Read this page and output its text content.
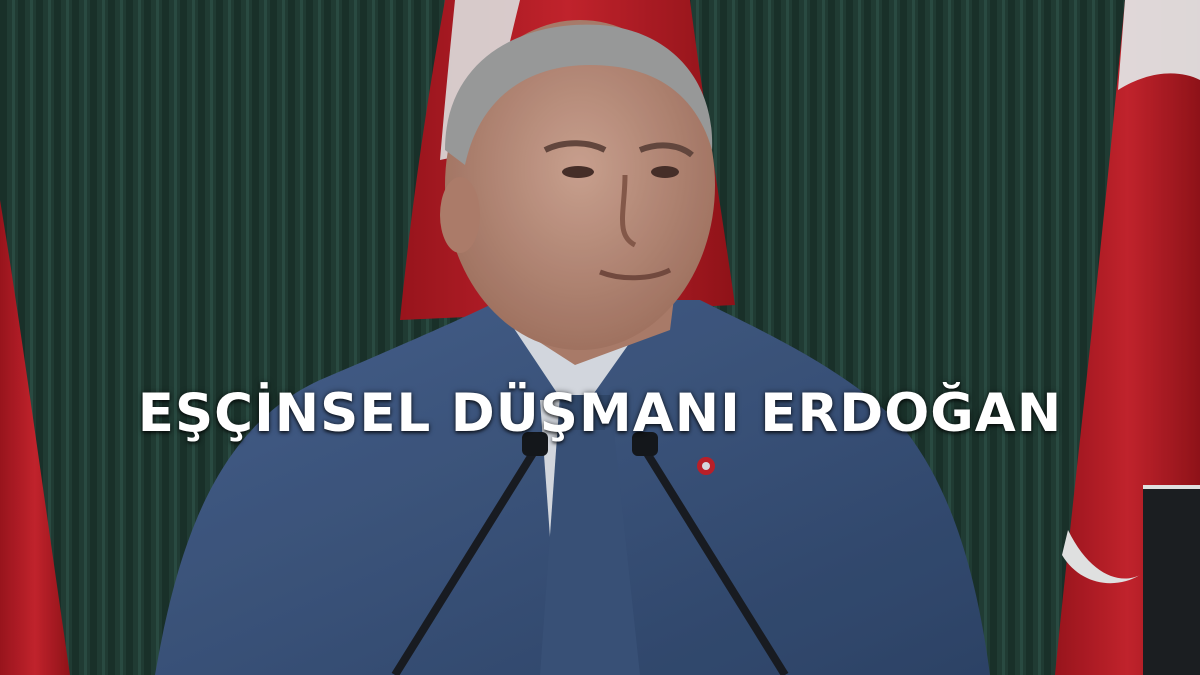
EŞÇİNSEL DÜŞMANI ERDOĞAN
